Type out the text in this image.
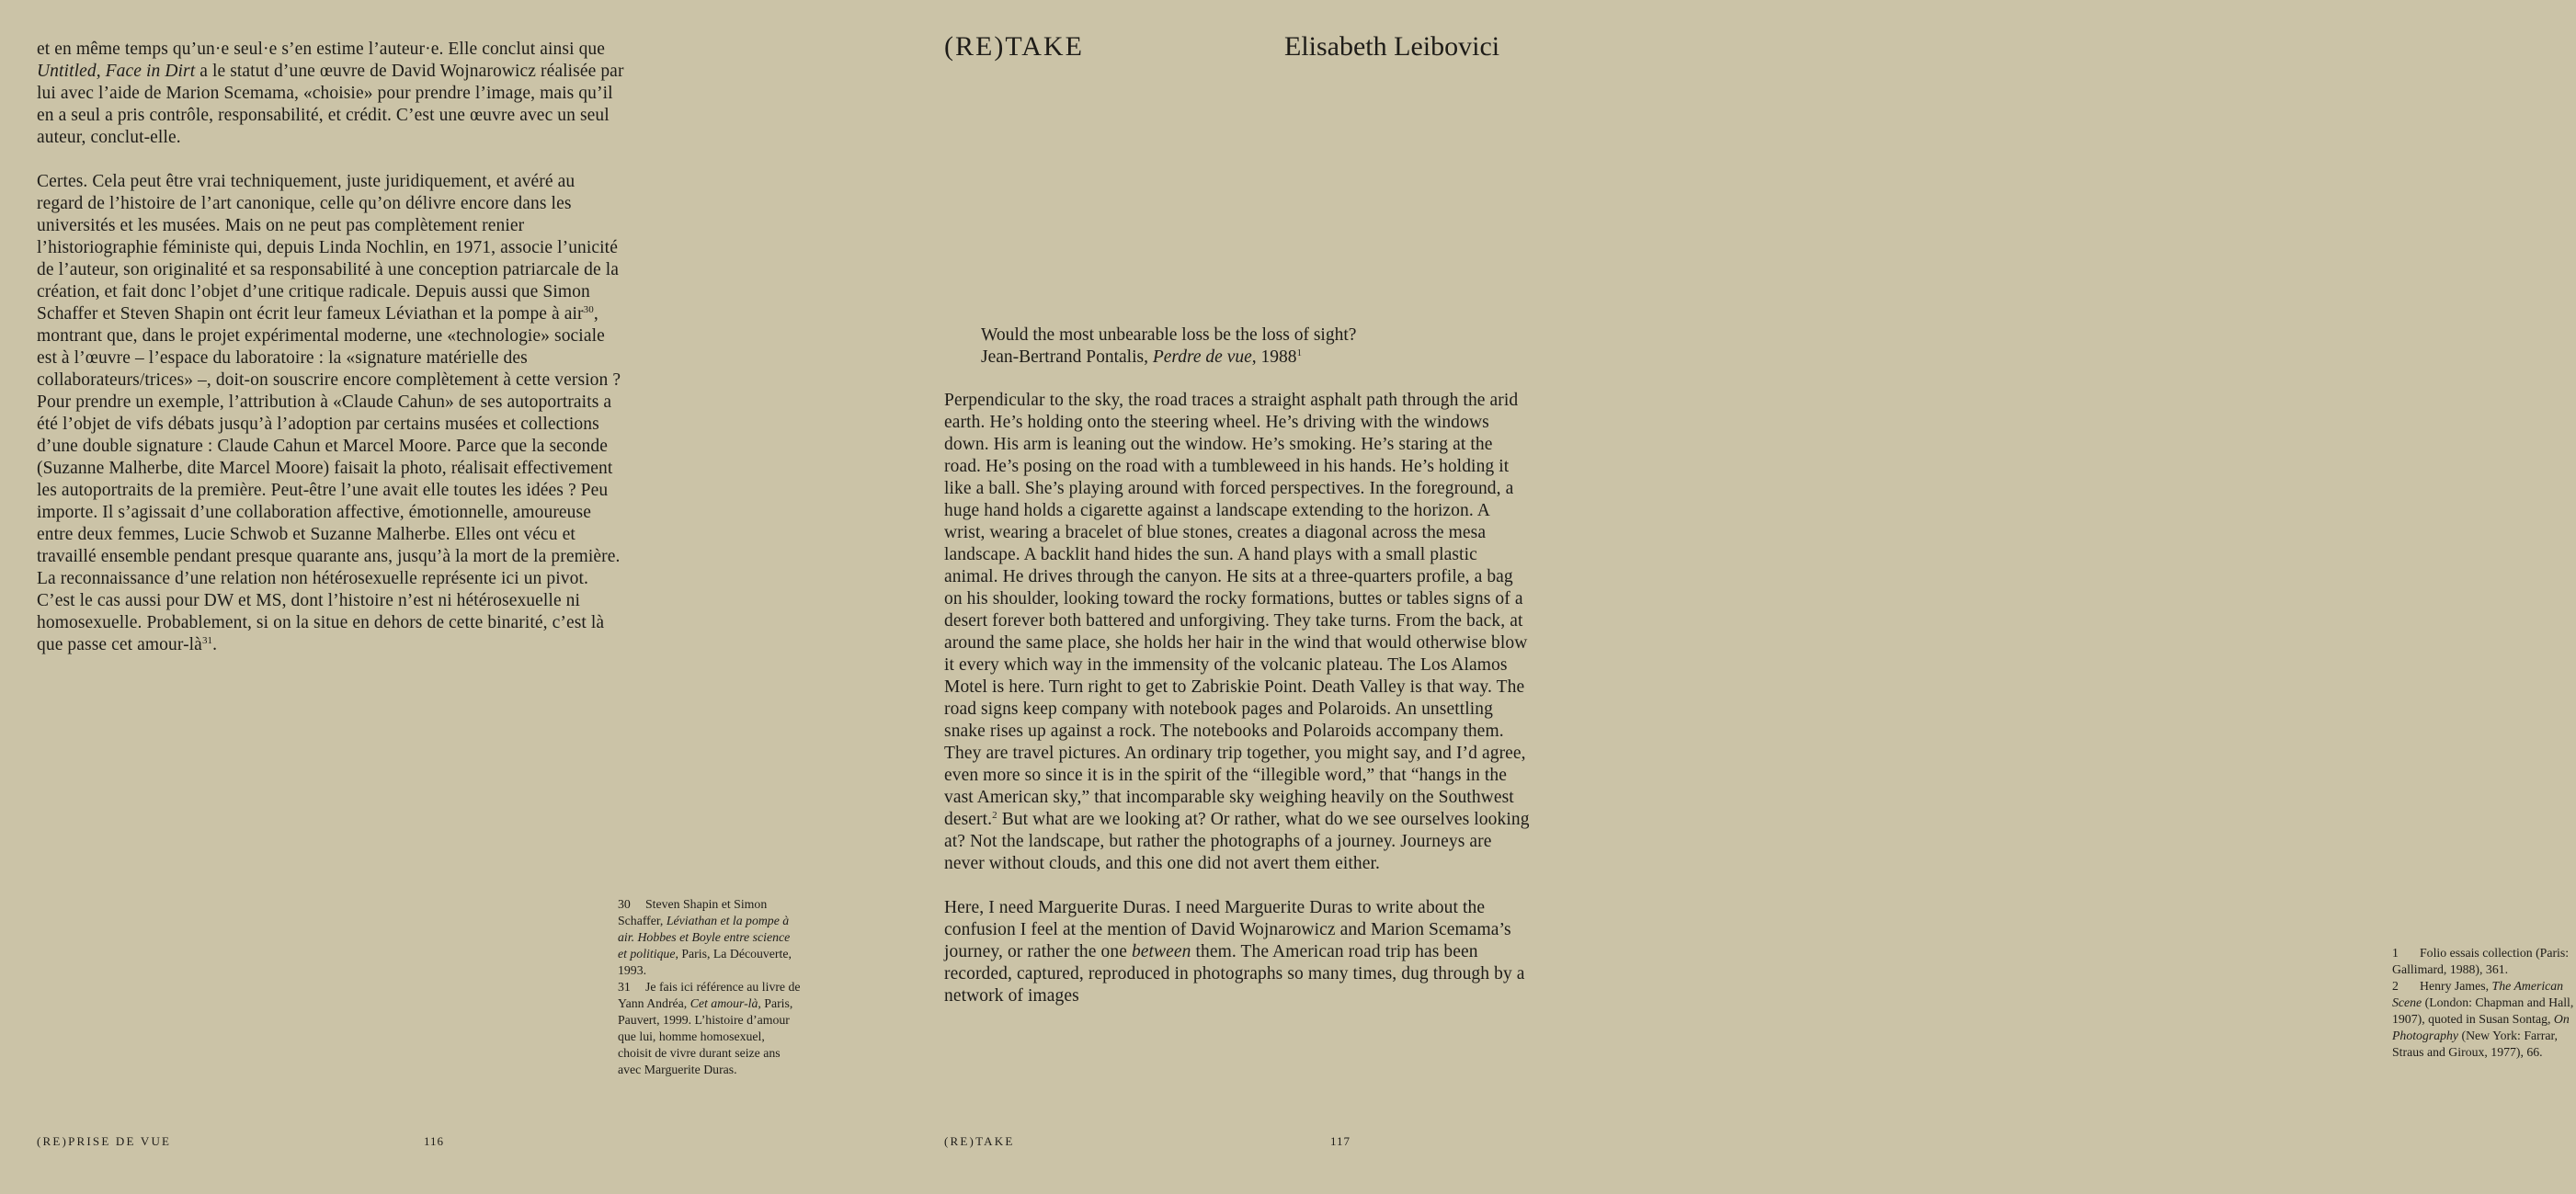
et en même temps qu’un·e seul·e s’en estime l’auteur·e. Elle conclut ainsi que Untitled, Face in Dirt a le statut d’une œuvre de David Wojnarowicz réalisée par lui avec l’aide de Marion Scemama, «choisie» pour prendre l’image, mais qu’il en a seul a pris contrôle, responsabilité, et crédit. C’est une œuvre avec un seul auteur, conclut-elle.

Certes. Cela peut être vrai techniquement, juste juridiquement, et avéré au regard de l’histoire de l’art canonique, celle qu’on délivre encore dans les universités et les musées. Mais on ne peut pas complètement renier l’historiographie féministe qui, depuis Linda Nochlin, en 1971, associe l’unicité de l’auteur, son originalité et sa responsabilité à une conception patriarcale de la création, et fait donc l’objet d’une critique radicale. Depuis aussi que Simon Schaffer et Steven Shapin ont écrit leur fameux Léviathan et la pompe à air$^{30}$, montrant que, dans le projet expérimental moderne, une «technologie» sociale est à l’œuvre – l’espace du laboratoire : la «signature matérielle des collaborateurs/trices» –, doit-on souscrire encore complètement à cette version ? Pour prendre un exemple, l’attribution à «Claude Cahun» de ses autoportraits a été l’objet de vifs débats jusqu’à l’adoption par certains musées et collections d’une double signature : Claude Cahun et Marcel Moore. Parce que la seconde (Suzanne Malherbe, dite Marcel Moore) faisait la photo, réalisait effectivement les autoportraits de la première. Peut-être l’une avait elle toutes les idées ? Peu importe. Il s’agissait d’une collaboration affective, émotionnelle, amoureuse entre deux femmes, Lucie Schwob et Suzanne Malherbe. Elles ont vécu et travaillé ensemble pendant presque quarante ans, jusqu’à la mort de la première. La reconnaissance d’une relation non hétérosexuelle représente ici un pivot. C’est le cas aussi pour DW et MS, dont l’histoire n’est ni hétérosexuelle ni homosexuelle. Probablement, si on la situe en dehors de cette binarité, c’est là que passe cet amour-$là^{31}$.

30 Steven Shapin et Simon Schaffer, Léviathan et la pompe à air. Hobbes et Boyle entre science et politique, Paris, La Découverte, 1993.
31 Je fais ici référence au livre de Yann Andréa, Cet amour-là, Paris, Pauvert, 1999. L’histoire d’amour que lui, homme homosexuel, choisit de vivre durant seize ans avec Marguerite Duras.
(RE)PRISE DE VUE	116
(RE)TAKE	Elisabeth Leibovici
Would the most unbearable loss be the loss of sight?
Jean-Bertrand Pontalis, Perdre de vue, 1988$^1$

Perpendicular to the sky, the road traces a straight asphalt path through the arid earth. He’s holding onto the steering wheel. He’s driving with the windows down. His arm is leaning out the window. He’s smoking. He’s staring at the road. He’s posing on the road with a tumbleweed in his hands. He’s holding it like a ball. She’s playing around with forced perspectives. In the foreground, a huge hand holds a cigarette against a landscape extending to the horizon. A wrist, wearing a bracelet of blue stones, creates a diagonal across the mesa landscape. A backlit hand hides the sun. A hand plays with a small plastic animal. He drives through the canyon. He sits at a three-quarters profile, a bag on his shoulder, looking toward the rocky formations, buttes or tables signs of a desert forever both battered and unforgiving. They take turns. From the back, at around the same place, she holds her hair in the wind that would otherwise blow it every which way in the immensity of the volcanic plateau. The Los Alamos Motel is here. Turn right to get to Zabriskie Point. Death Valley is that way. The road signs keep company with notebook pages and Polaroids. An unsettling snake rises up against a rock. The notebooks and Polaroids accompany them. They are travel pictures. An ordinary trip together, you might say, and I’d agree, even more so since it is in the spirit of the “illegible word,” that “hangs in the vast American sky,” that incomparable sky weighing heavily on the Southwest desert.$^2$ But what are we looking at? Or rather, what do we see ourselves looking at? Not the landscape, but rather the photographs of a journey. Journeys are never without clouds, and this one did not avert them either.

Here, I need Marguerite Duras. I need Marguerite Duras to write about the confusion I feel at the mention of David Wojnarowicz and Marion Scemama’s journey, or rather the one between them. The American road trip has been recorded, captured, reproduced in photographs so many times, dug through by a network of images

1 Folio essais collection (Paris: Gallimard, 1988), 361.
2 Henry James, The American Scene (London: Chapman and Hall, 1907), quoted in Susan Sontag, On Photography (New York: Farrar, Straus and Giroux, 1977), 66.
(RE)TAKE	117
